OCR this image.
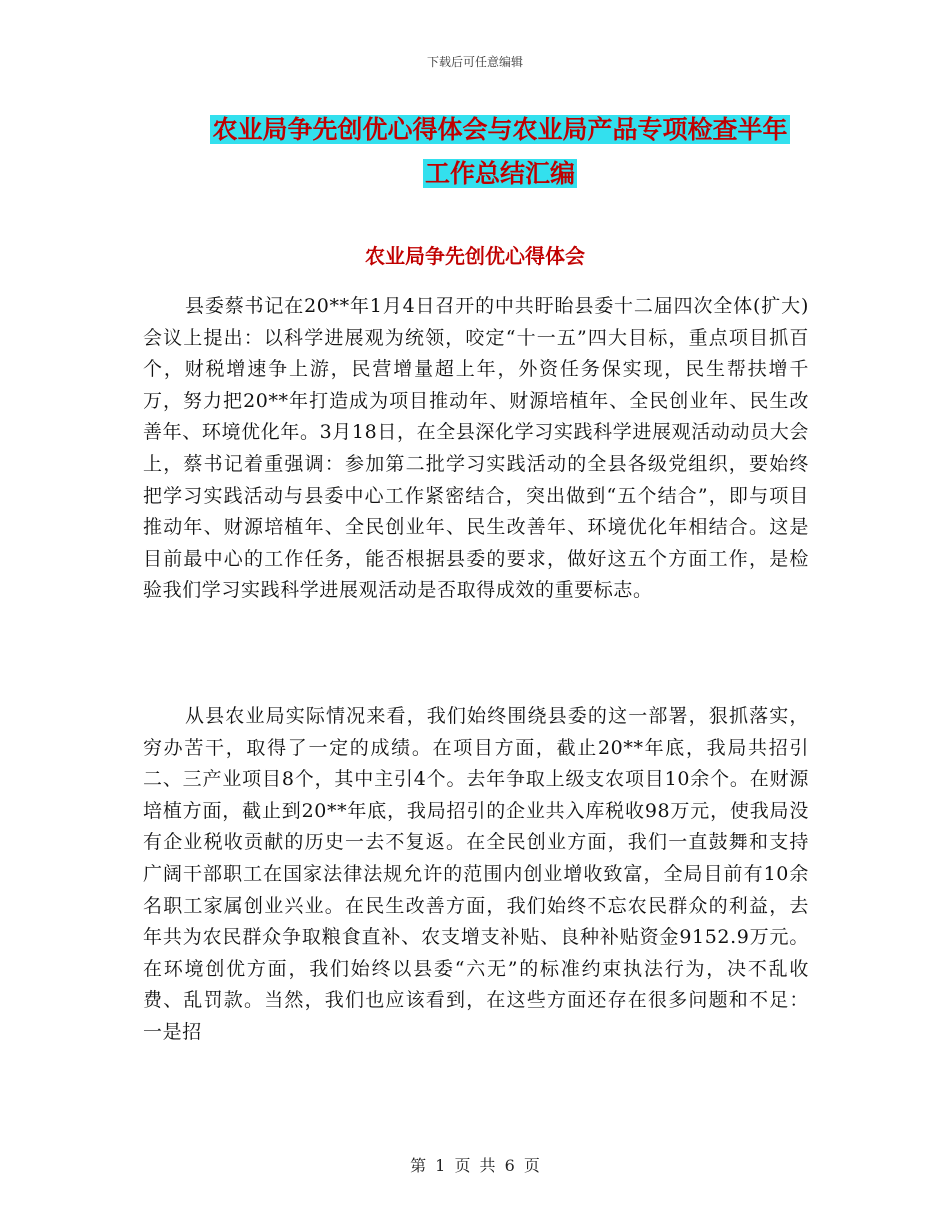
下载后可任意编辑
农业局争先创优心得体会与农业局产品专项检查半年
工作总结汇编
农业局争先创优心得体会

县委蔡书记在20**年1月4日召开的中共盱眙县委十二届四次全体(扩大)会议上提出：以科学进展观为统领，咬定“十一五”四大目标，重点项目抓百个，财税增速争上游，民营增量超上年，外资任务保实现，民生帮扶增千万，努力把20**年打造成为项目推动年、财源培植年、全民创业年、民生改善年、环境优化年。3月18日，在全县深化学习实践科学进展观活动动员大会上，蔡书记着重强调：参加第二批学习实践活动的全县各级党组织，要始终把学习实践活动与县委中心工作紧密结合，突出做到“五个结合”，即与项目推动年、财源培植年、全民创业年、民生改善年、环境优化年相结合。这是目前最中心的工作任务，能否根据县委的要求，做好这五个方面工作，是检验我们学习实践科学进展观活动是否取得成效的重要标志。

从县农业局实际情况来看，我们始终围绕县委的这一部署，狠抓落实，穷办苦干，取得了一定的成绩。在项目方面，截止20**年底，我局共招引二、三产业项目8个，其中主引4个。去年争取上级支农项目10余个。在财源培植方面，截止到20**年底，我局招引的企业共入库税收98万元，使我局没有企业税收贡献的历史一去不复返。在全民创业方面，我们一直鼓舞和支持广阔干部职工在国家法律法规允许的范围内创业增收致富，全局目前有10余名职工家属创业兴业。在民生改善方面，我们始终不忘农民群众的利益，去年共为农民群众争取粮食直补、农支增支补贴、良种补贴资金9152.9万元。在环境创优方面，我们始终以县委“六无”的标准约束执法行为，决不乱收费、乱罚款。当然，我们也应该看到，在这些方面还存在很多问题和不足：一是招

第 1 页 共 6 页
